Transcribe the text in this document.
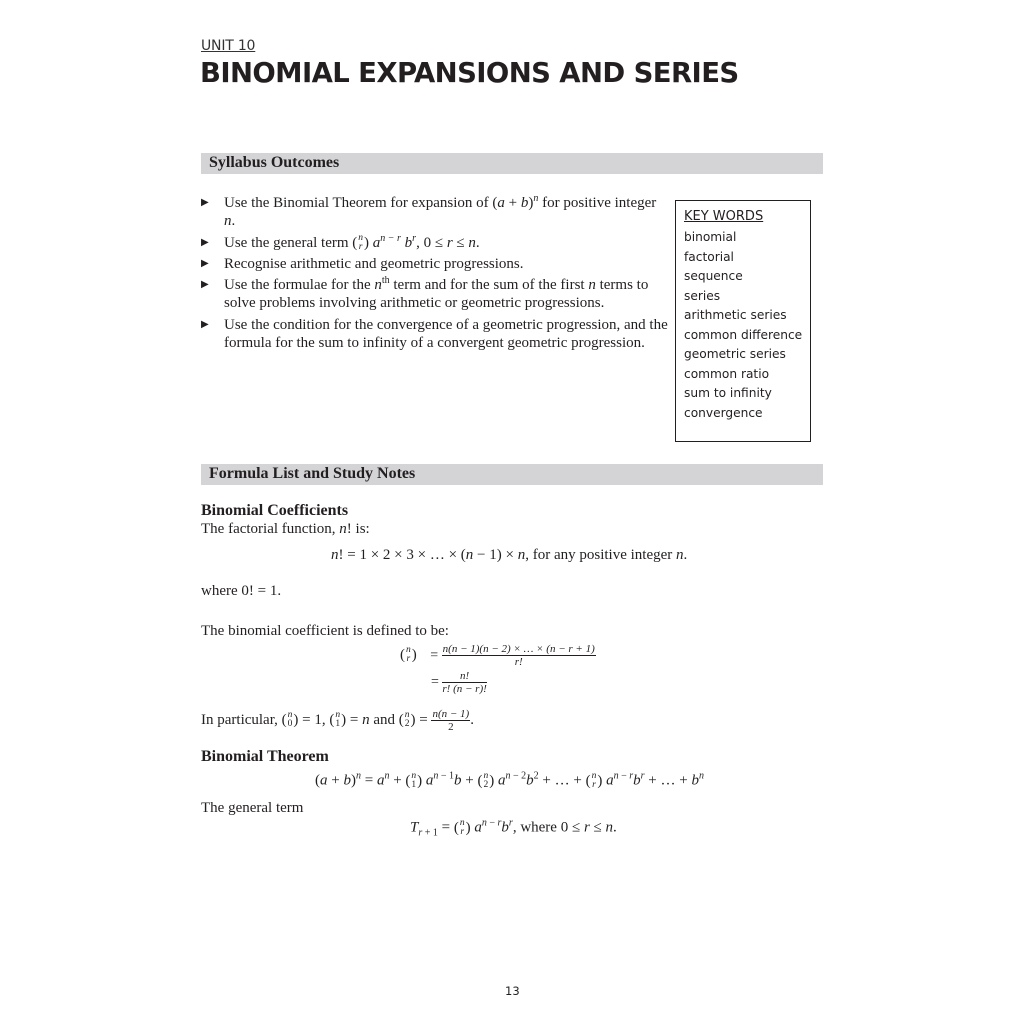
UNIT 10
BINOMIAL EXPANSIONS AND SERIES
Syllabus Outcomes
▶ Use the Binomial Theorem for expansion of $(a + b)^n$ for positive integer n.
▶ Use the general term ( n
r ) $a^{n - r}$ $b^r$, 0 ≤ r ≤ n.
▶ Recognise arithmetic and geometric progressions.
▶ Use the formulae for the $n^{th}$ term and for the sum of the first n terms to solve problems involving arithmetic or geometric progressions.
▶ Use the condition for the convergence of a geometric progression, and the formula for the sum to infinity of a convergent geometric progression.
KEY WORDS
binomial
factorial
sequence
series
arithmetic series
common difference
geometric series
common ratio
sum to infinity
convergence
Formula List and Study Notes
Binomial Coefficients
The factorial function, n! is:
n! = 1 × 2 × 3 × … × (n − 1) × n, for any positive integer n.
where 0! = 1.
The binomial coefficient is defined to be:
( n
r ) = $\frac{n(n - 1)(n - 2) \times \dots \times (n - r + 1)}{r!}$
= $\frac{n!}{r! (n - r)!}$
In particular, ( n
0 ) = 1, ( n
1 ) = n and ( n
2 ) = $\frac{n(n - 1)}{2}$ .
Binomial Theorem
$(a + b)^n = a^n$ + ( n
1 ) $a^{n - 1}b$ + ( n
2 ) $a^{n - 2}b^2$ + … + ( n
r ) $a^{n - r}b^r$ + … + $b^n$
The general term
$T_{r + 1}$ = ( n
r ) $a^{n - r}b^r$, where 0 ≤ r ≤ n.
13
